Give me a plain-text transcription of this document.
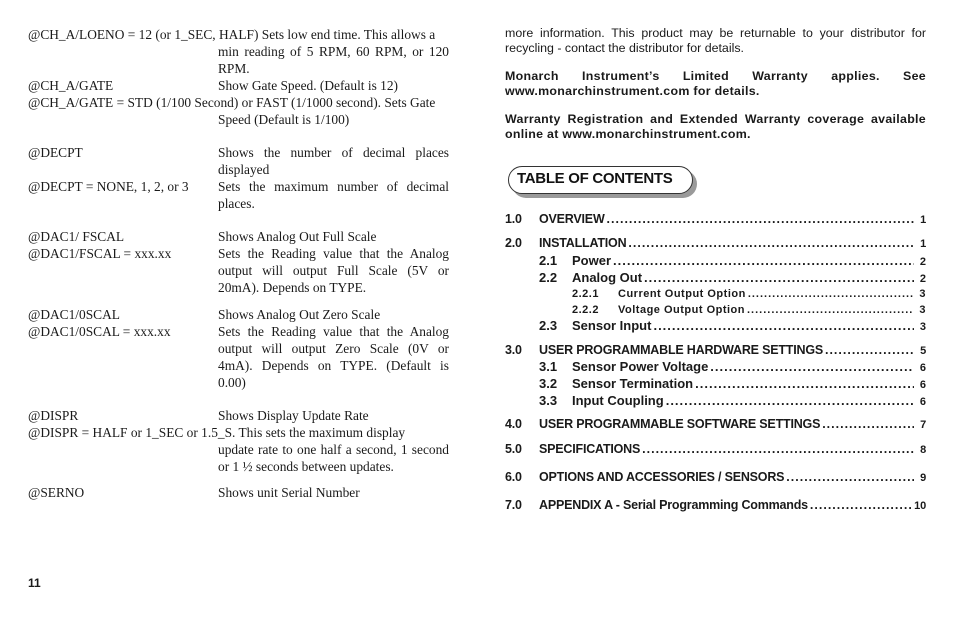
@CH_A/LOENO = 12 (or 1_SEC, HALF) Sets low end time. This allows a
min reading of 5 RPM, 60 RPM, or 120 RPM.
@CH_A/GATE	Show Gate Speed. (Default is 12)
@CH_A/GATE = STD (1/100 Second) or FAST (1/1000 second). Sets Gate
Speed (Default is 1/100)
@DECPT	Shows the number of decimal places displayed
@DECPT = NONE, 1, 2, or 3	Sets the maximum number of decimal places.
@DAC1/ FSCAL	Shows Analog Out Full Scale
@DAC1/FSCAL = xxx.xx	Sets the Reading value that the Analog output will output Full Scale (5V or 20mA). Depends on TYPE.
@DAC1/0SCAL	Shows Analog Out Zero Scale
@DAC1/0SCAL = xxx.xx	Sets the Reading value that the Analog output will output Zero Scale (0V or 4mA). Depends on TYPE. (Default is 0.00)
@DISPR	Shows Display Update Rate
@DISPR = HALF or 1_SEC or 1.5_S. This sets the maximum display
update rate to one half a second, 1 second or 1 ½ seconds between updates.
@SERNO	Shows unit Serial Number
11

more information. This product may be returnable to your distributor for recycling - contact the distributor for details.

Monarch Instrument’s Limited Warranty applies. See www.monarchinstrument.com for details.

Warranty Registration and Extended Warranty coverage available online at www.monarchinstrument.com.

TABLE OF CONTENTS
1.0	OVERVIEW .....	1
2.0	INSTALLATION .....	1
2.1	Power .....	2
2.2	Analog Out .....	2
2.2.1	Current Output Option .....	3
2.2.2	Voltage Output Option .....	3
2.3	Sensor Input .....	3
3.0	USER PROGRAMMABLE HARDWARE SETTINGS .....	5
3.1	Sensor Power Voltage .....	6
3.2	Sensor Termination .....	6
3.3	Input Coupling .....	6
4.0	USER PROGRAMMABLE SOFTWARE SETTINGS .....	7
5.0	SPECIFICATIONS .....	8
6.0	OPTIONS AND ACCESSORIES / SENSORS .....	9
7.0	APPENDIX A - Serial Programming Commands .....	10
